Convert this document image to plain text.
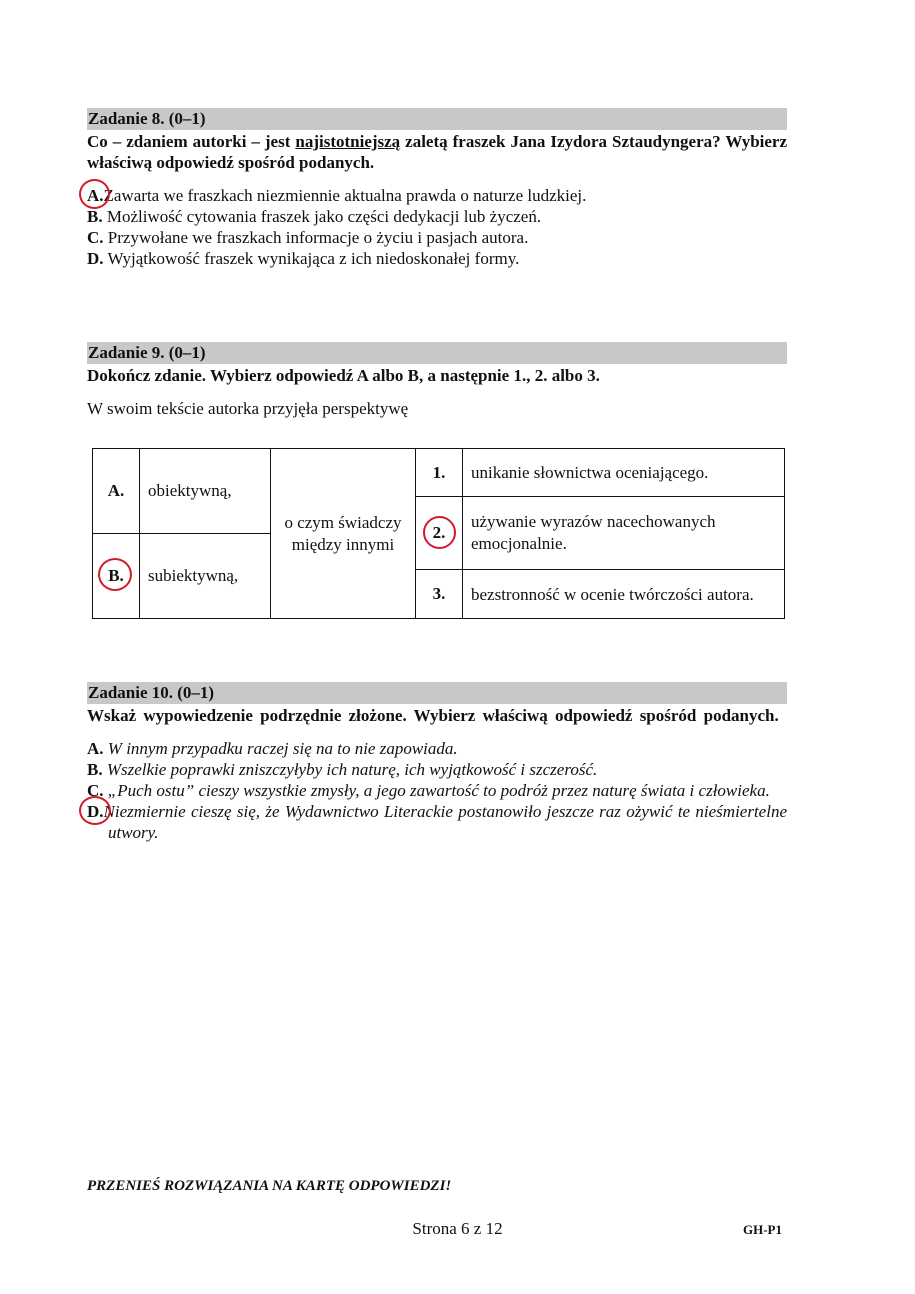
Zadanie 8. (0–1)
Co – zdaniem autorki – jest najistotniejszą zaletą fraszek Jana Izydora Sztaudyngera? Wybierz właściwą odpowiedź spośród podanych.
A.Zawarta we fraszkach niezmiennie aktualna prawda o naturze ludzkiej.
B. Możliwość cytowania fraszek jako części dedykacji lub życzeń.
C. Przywołane we fraszkach informacje o życiu i pasjach autora.
D. Wyjątkowość fraszek wynikająca z ich niedoskonałej formy.
Zadanie 9. (0–1)
Dokończ zdanie. Wybierz odpowiedź A albo B, a następnie 1., 2. albo 3.
W swoim tekście autorka przyjęła perspektywę
A.	obiektywną,	o czym świadczy między innymi	1.	unikanie słownictwa oceniającego.
			2.	używanie wyrazów nacechowanych emocjonalnie.
B.	subiektywną,			
			3.	bezstronność w ocenie twórczości autora.
Zadanie 10. (0–1)
Wskaż wypowiedzenie podrzędnie złożone. Wybierz właściwą odpowiedź spośród podanych.
A. W innym przypadku raczej się na to nie zapowiada.
B. Wszelkie poprawki zniszczyłyby ich naturę, ich wyjątkowość i szczerość.
C. „Puch ostu” cieszy wszystkie zmysły, a jego zawartość to podróż przez naturę świata i człowieka.
D.Niezmiernie cieszę się, że Wydawnictwo Literackie postanowiło jeszcze raz ożywić te nieśmiertelne utwory.
PRZENIEŚ ROZWIĄZANIA NA KARTĘ ODPOWIEDZI!
Strona 6 z 12	GH-P1
